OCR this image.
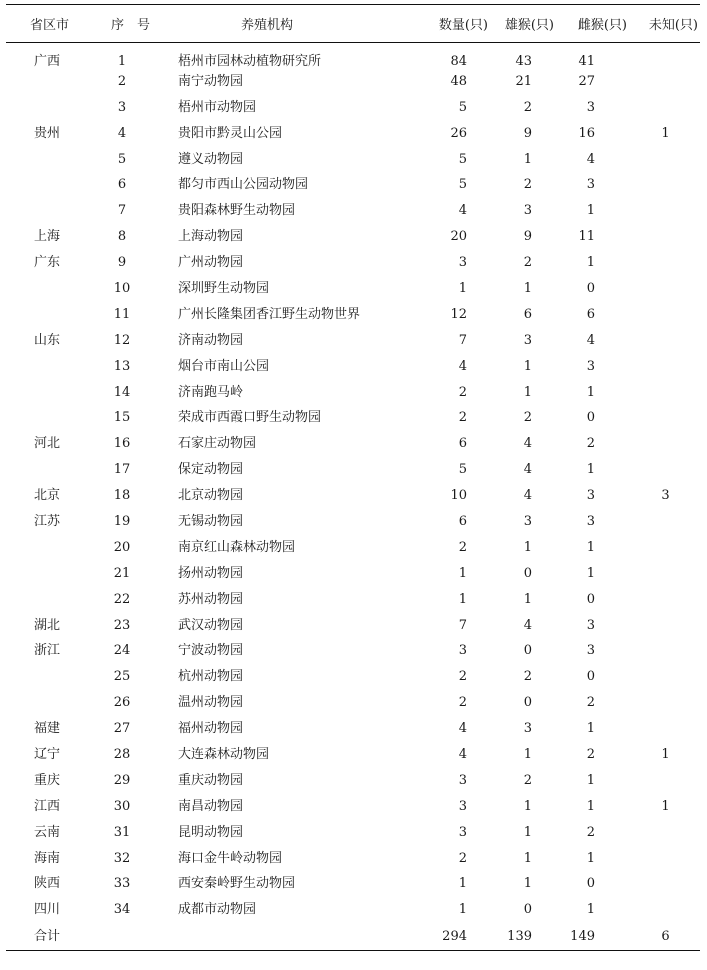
省区市	序　号	养殖机构	数量(只)	雄猴(只)	雌猴(只)	未知(只)
广西	1	梧州市园林动植物研究所	84	43	41	
	2	南宁动物园	48	21	27	
	3	梧州市动物园	5	2	3	
贵州	4	贵阳市黔灵山公园	26	9	16	1
	5	遵义动物园	5	1	4	
	6	都匀市西山公园动物园	5	2	3	
	7	贵阳森林野生动物园	4	3	1	
上海	8	上海动物园	20	9	11	
广东	9	广州动物园	3	2	1	
	10	深圳野生动物园	1	1	0	
	11	广州长隆集团香江野生动物世界	12	6	6	
山东	12	济南动物园	7	3	4	
	13	烟台市南山公园	4	1	3	
	14	济南跑马岭	2	1	1	
	15	荣成市西霞口野生动物园	2	2	0	
河北	16	石家庄动物园	6	4	2	
	17	保定动物园	5	4	1	
北京	18	北京动物园	10	4	3	3
江苏	19	无锡动物园	6	3	3	
	20	南京红山森林动物园	2	1	1	
	21	扬州动物园	1	0	1	
	22	苏州动物园	1	1	0	
湖北	23	武汉动物园	7	4	3	
浙江	24	宁波动物园	3	0	3	
	25	杭州动物园	2	2	0	
	26	温州动物园	2	0	2	
福建	27	福州动物园	4	3	1	
辽宁	28	大连森林动物园	4	1	2	1
重庆	29	重庆动物园	3	2	1	
江西	30	南昌动物园	3	1	1	1
云南	31	昆明动物园	3	1	2	
海南	32	海口金牛岭动物园	2	1	1	
陕西	33	西安秦岭野生动物园	1	1	0	
四川	34	成都市动物园	1	0	1	
合计			294	139	149	6
